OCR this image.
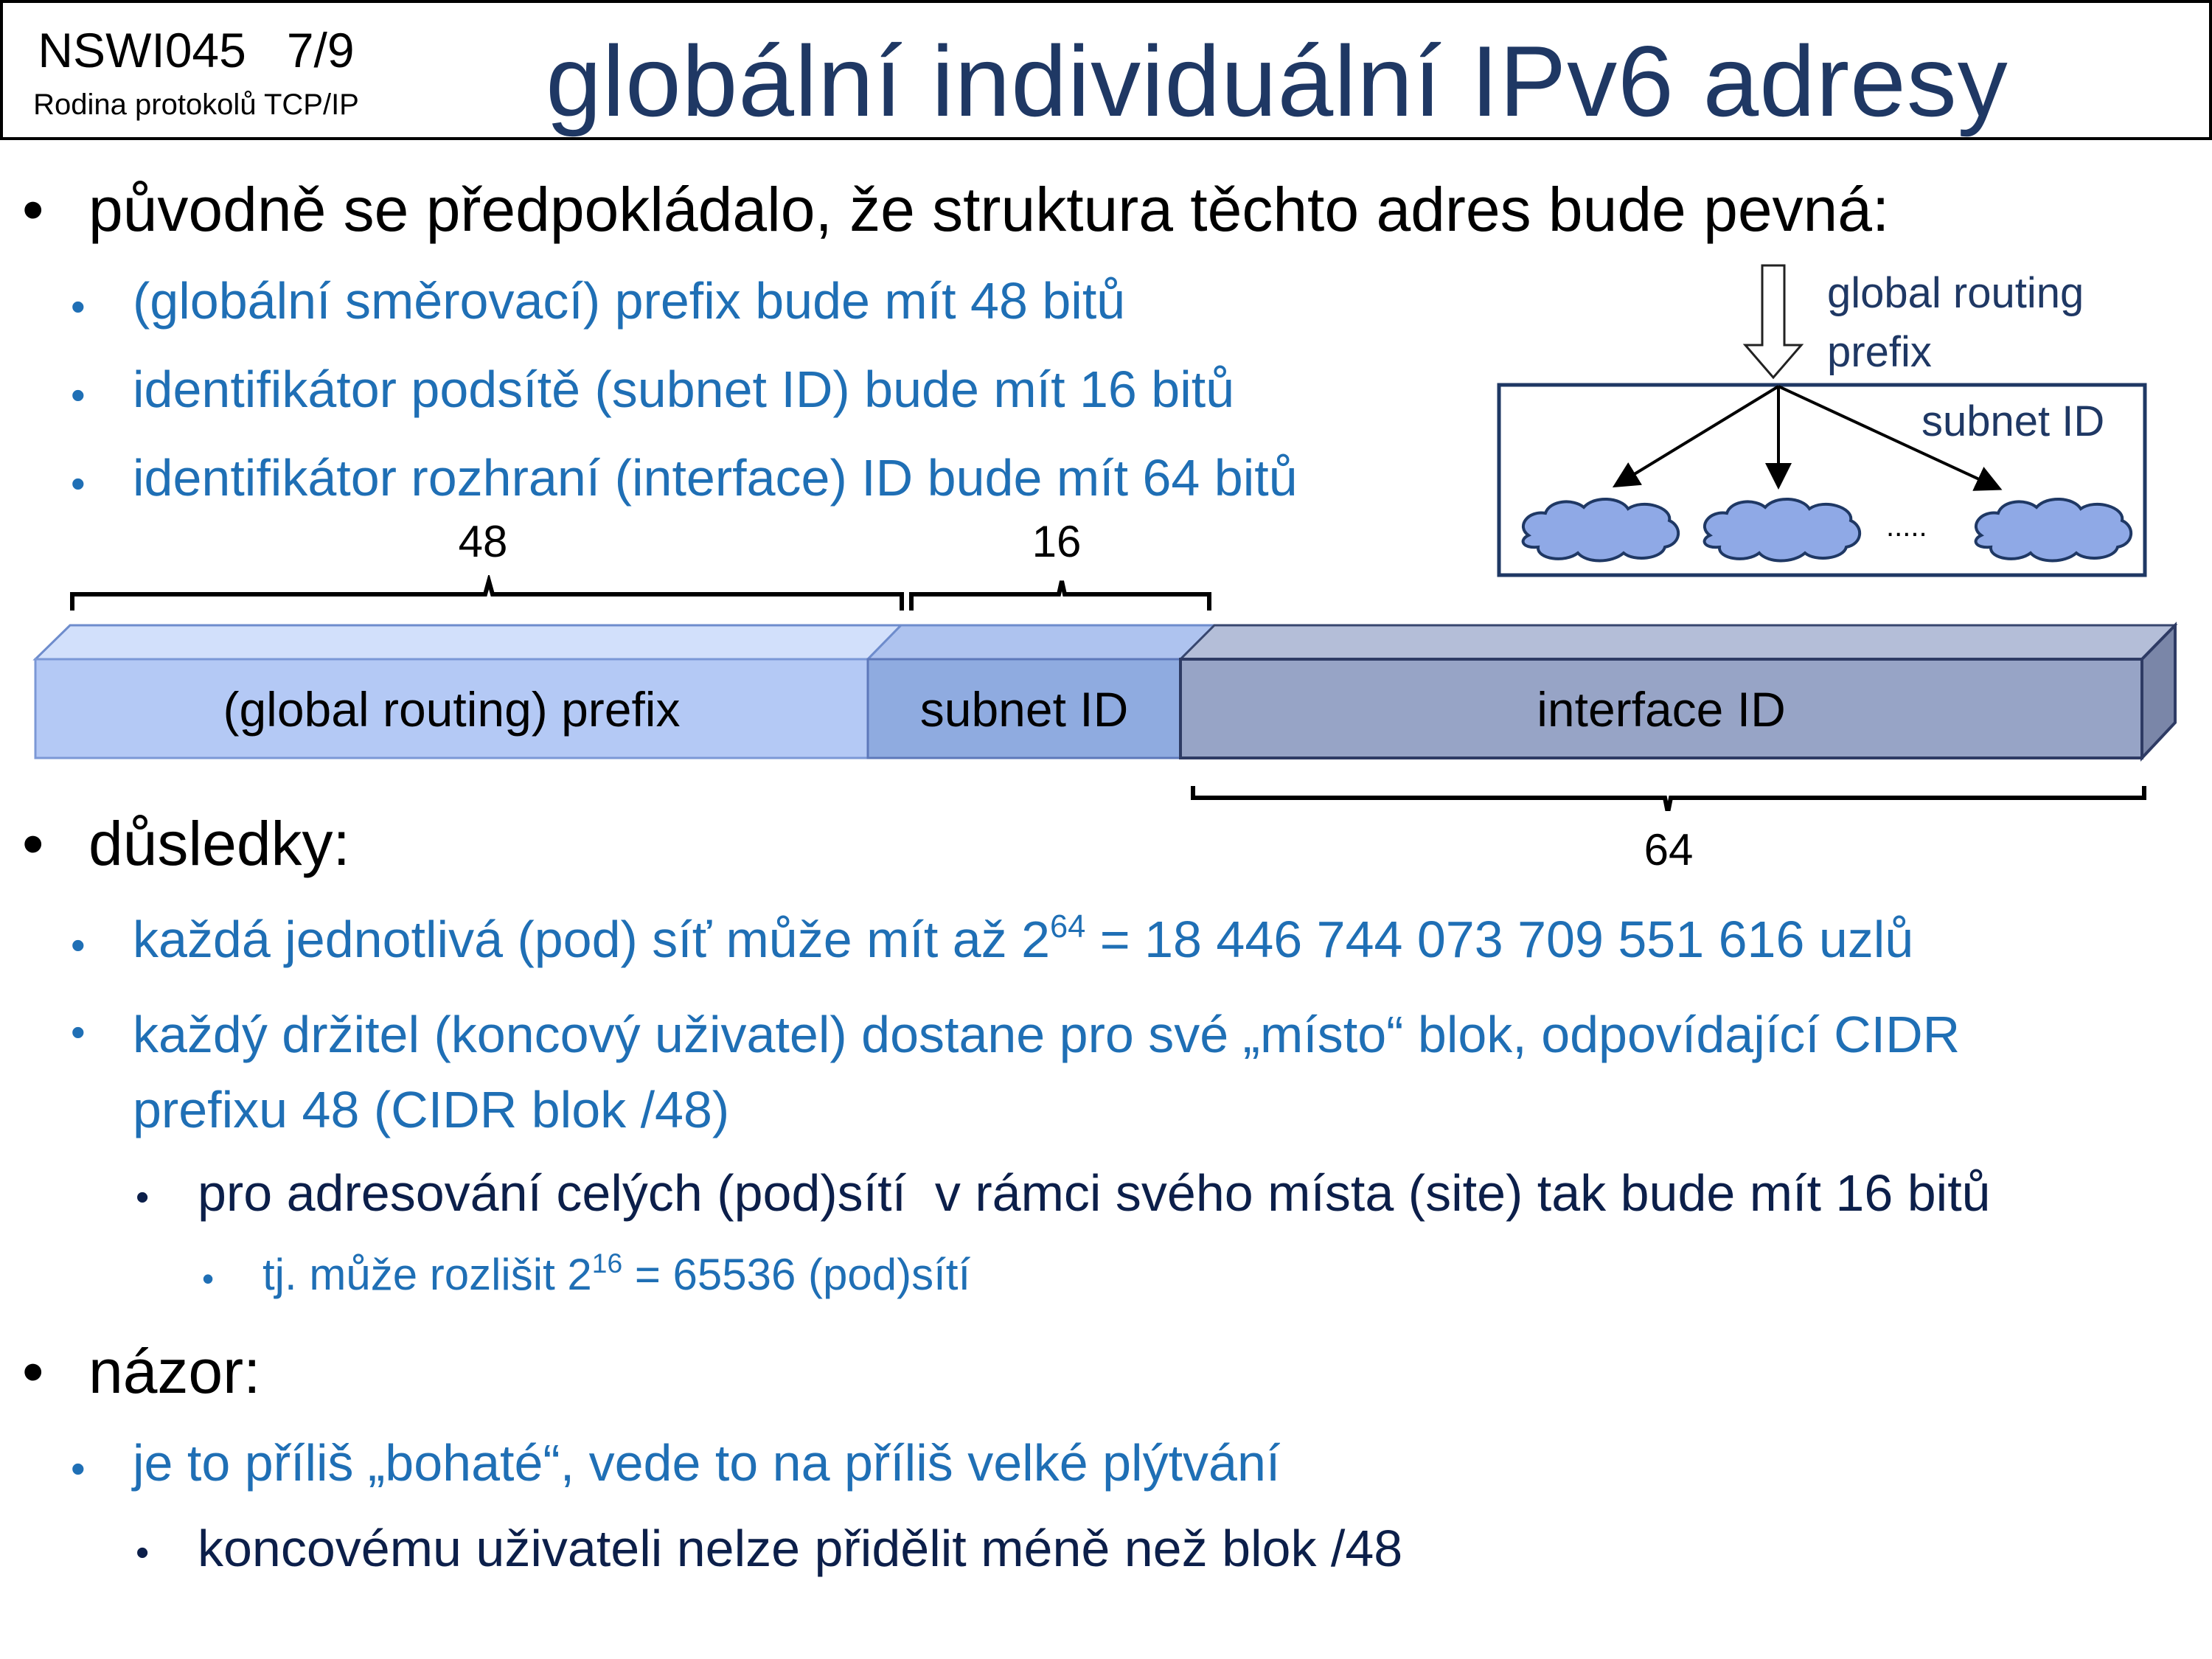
NSWI045   7/9
Rodina protokolů TCP/IP	globální individuální IPv6 adresy
• původně se předpokládalo, že struktura těchto adres bude pevná:
• (globální směrovací) prefix bude mít 48 bitů
• identifikátor podsítě (subnet ID) bude mít 16 bitů
• identifikátor rozhraní (interface) ID bude mít 64 bitů
global routing
prefix
subnet ID
.....
48	16
(global routing) prefix	subnet ID	interface ID
64
• důsledky:
• každá jednotlivá (pod) síť může mít až $2^{64} = 18$ 446 744 073 709 551 616 uzlů
• každý držitel (koncový uživatel) dostane pro své „místo“ blok, odpovídající CIDR
prefixu 48 (CIDR blok /48)
• pro adresování celých (pod)sítí  v rámci svého místa (site) tak bude mít 16 bitů
• tj. může rozlišit $2^{16} = 65536$ (pod)sítí
• názor:
• je to příliš „bohaté“, vede to na příliš velké plýtvání
• koncovému uživateli nelze přidělit méně než blok /48
